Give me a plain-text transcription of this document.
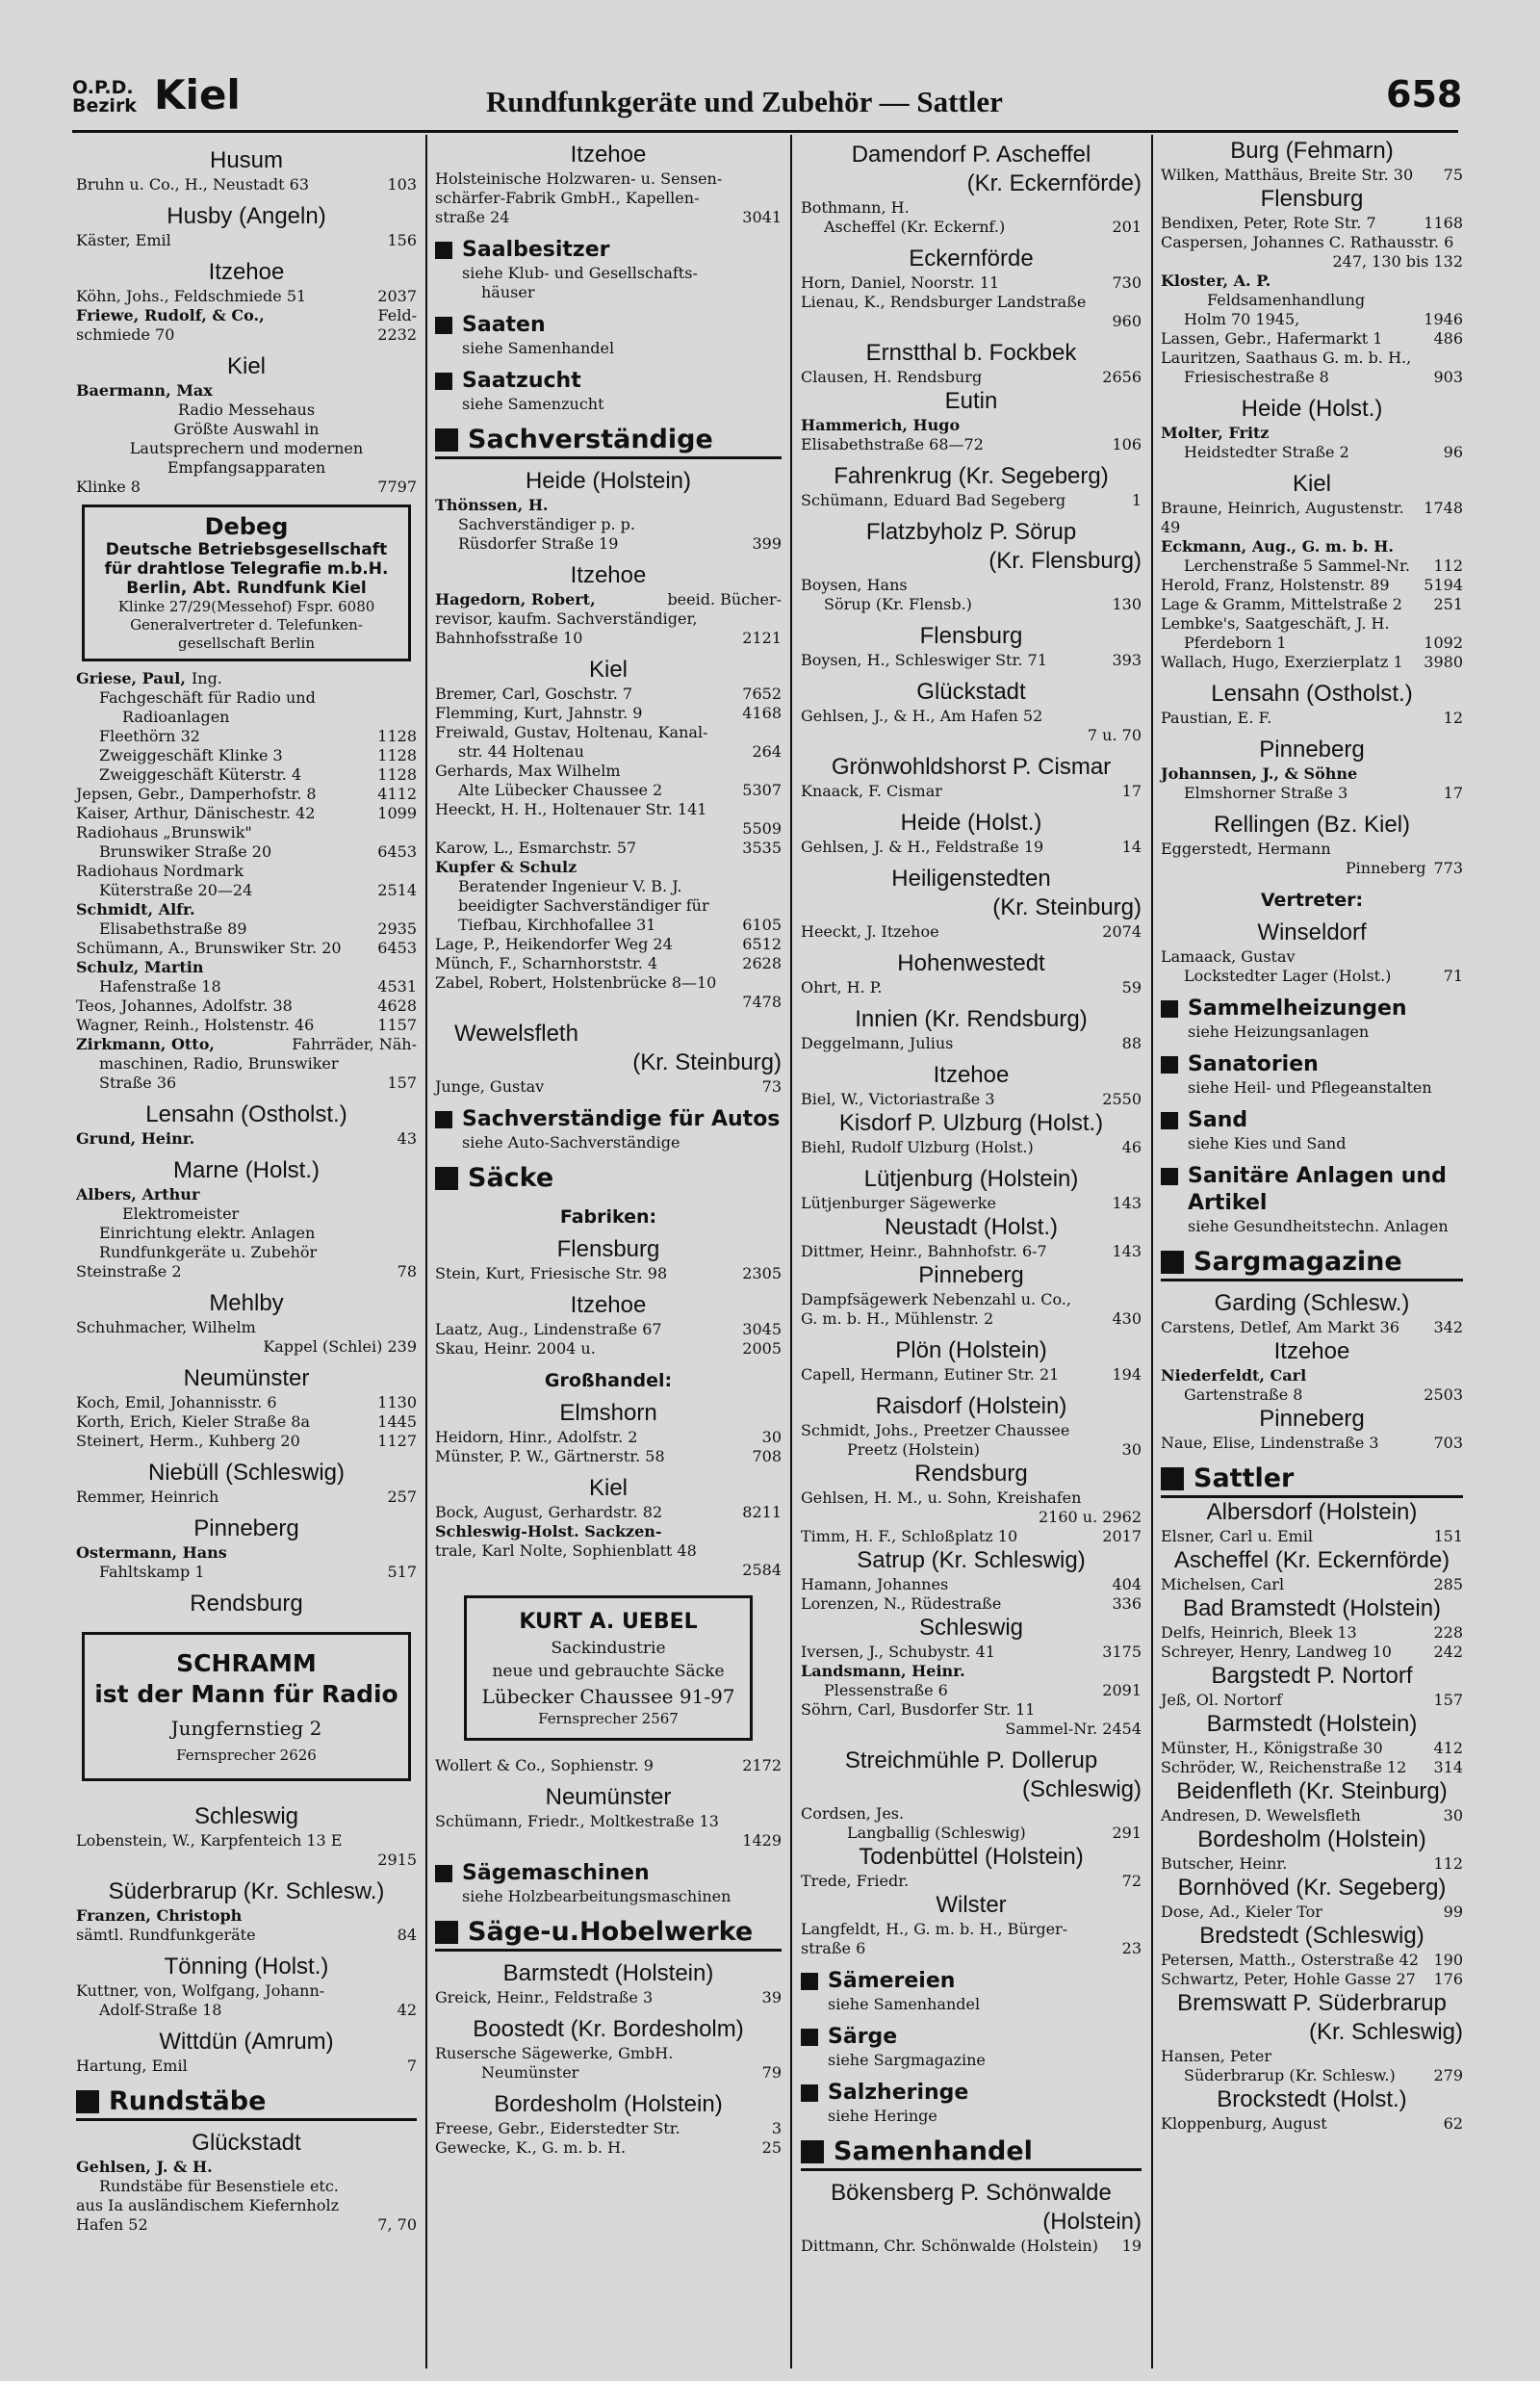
O.P.D.
Bezirk Kiel	Rundfunkgeräte und Zubehör — Sattler	658
Husum
Bruhn u. Co., H., Neustadt 63	103
Husby (Angeln)
Käster, Emil	156
Itzehoe
Köhn, Johs., Feldschmiede 51	2037
Friewe, Rudolf, & Co.,	Feld-
schmiede 70	2232
Kiel
Baermann, Max
Radio Messehaus
Größte Auswahl in
Lautsprechern und modernen
Empfangsapparaten
Klinke 8	7797
Debeg
Deutsche Betriebsgesellschaft
für drahtlose Telegrafie m.b.H.
Berlin, Abt. Rundfunk Kiel
Klinke 27/29(Messehof) Fspr. 6080
Generalvertreter d. Telefunken-
gesellschaft Berlin
Griese, Paul, Ing.
Fachgeschäft für Radio und
Radioanlagen
Fleethörn 32	1128
Zweiggeschäft Klinke 3	1128
Zweiggeschäft Küterstr. 4	1128
Jepsen, Gebr., Damperhofstr. 8	4112
Kaiser, Arthur, Dänischestr. 42	1099
Radiohaus „Brunswik"
Brunswiker Straße 20	6453
Radiohaus Nordmark
Küterstraße 20—24	2514
Schmidt, Alfr.
Elisabethstraße 89	2935
Schümann, A., Brunswiker Str. 20 6453
Schulz, Martin
Hafenstraße 18	4531
Teos, Johannes, Adolfstr. 38	4628
Wagner, Reinh., Holstenstr. 46	1157
Zirkmann, Otto,	Fahrräder, Näh-
maschinen, Radio, Brunswiker
Straße 36	157
Lensahn (Ostholst.)
Grund, Heinr.	43
Marne (Holst.)
Albers, Arthur
Elektromeister
Einrichtung elektr. Anlagen
Rundfunkgeräte u. Zubehör
Steinstraße 2	78
Mehlby
Schuhmacher, Wilhelm
Kappel (Schlei) 239
Neumünster
Koch, Emil, Johannisstr. 6	1130
Korth, Erich, Kieler Straße 8a	1445
Steinert, Herm., Kuhberg 20	1127
Niebüll (Schleswig)
Remmer, Heinrich	257
Pinneberg
Ostermann, Hans
Fahltskamp 1	517
Rendsburg
SCHRAMM
ist der Mann für Radio
Jungfernstieg 2
Fernsprecher 2626
Schleswig
Lobenstein, W., Karpfenteich 13 E
2915
Süderbrarup (Kr. Schlesw.)
Franzen, Christoph
sämtl. Rundfunkgeräte	84
Tönning (Holst.)
Kuttner, von, Wolfgang, Johann-
Adolf-Straße 18	42
Wittdün (Amrum)
Hartung, Emil	7
Rundstäbe
Glückstadt
Gehlsen, J. & H.
Rundstäbe für Besenstiele etc.
aus Ia ausländischem Kiefernholz
Hafen 52	7, 70
Itzehoe
Holsteinische Holzwaren- u. Sensen-
schärfer-Fabrik GmbH., Kapellen-
straße 24	3041
Saalbesitzer
siehe Klub- und Gesellschafts-
häuser
Saaten
siehe Samenhandel
Saatzucht
siehe Samenzucht
Sachverständige
Heide (Holstein)
Thönssen, H.
Sachverständiger p. p.
Rüsdorfer Straße 19	399
Itzehoe
Hagedorn, Robert,	beeid. Bücher-
revisor, kaufm. Sachverständiger,
Bahnhofsstraße 10	2121
Kiel
Bremer, Carl, Goschstr. 7	7652
Flemming, Kurt, Jahnstr. 9	4168
Freiwald, Gustav, Holtenau, Kanal-
str. 44 Holtenau	264
Gerhards, Max Wilhelm
Alte Lübecker Chaussee 2	5307
Heeckt, H. H., Holtenauer Str. 141
5509
Karow, L., Esmarchstr. 57	3535
Kupfer & Schulz
Beratender Ingenieur V. B. J.
beeidigter Sachverständiger für
Tiefbau, Kirchhofallee 31	6105
Lage, P., Heikendorfer Weg 24	6512
Münch, F., Scharnhorststr. 4	2628
Zabel, Robert, Holstenbrücke 8—10
7478
Wewelsfleth
(Kr. Steinburg)
Junge, Gustav	73
Sachverständige für Autos
siehe Auto-Sachverständige
Säcke
Fabriken:
Flensburg
Stein, Kurt, Friesische Str. 98	2305
Itzehoe
Laatz, Aug., Lindenstraße 67	3045
Skau, Heinr. 2004 u.	2005
Großhandel:
Elmshorn
Heidorn, Hinr., Adolfstr. 2	30
Münster, P. W., Gärtnerstr. 58	708
Kiel
Bock, August, Gerhardstr. 82	8211
Schleswig-Holst. Sackzen-
trale, Karl Nolte, Sophienblatt 48
2584
KURT A. UEBEL
Sackindustrie
neue und gebrauchte Säcke
Lübecker Chaussee 91-97
Fernsprecher 2567
Wollert & Co., Sophienstr. 9	2172
Neumünster
Schümann, Friedr., Moltkestraße 13
1429
Sägemaschinen
siehe Holzbearbeitungsmaschinen
Säge-u.Hobelwerke
Barmstedt (Holstein)
Greick, Heinr., Feldstraße 3	39
Boostedt (Kr. Bordesholm)
Rusersche Sägewerke, GmbH.
Neumünster	79
Bordesholm (Holstein)
Freese, Gebr., Eiderstedter Str.	3
Gewecke, K., G. m. b. H.	25
Damendorf P. Ascheffel
(Kr. Eckernförde)
Bothmann, H.
Ascheffel (Kr. Eckernf.)	201
Eckernförde
Horn, Daniel, Noorstr. 11	730
Lienau, K., Rendsburger Landstraße
960
Ernstthal b. Fockbek
Clausen, H. Rendsburg	2656
Eutin
Hammerich, Hugo
Elisabethstraße 68—72	106
Fahrenkrug (Kr. Segeberg)
Schümann, Eduard Bad Segeberg	1
Flatzbyholz P. Sörup
(Kr. Flensburg)
Boysen, Hans
Sörup (Kr. Flensb.)	130
Flensburg
Boysen, H., Schleswiger Str. 71	393
Glückstadt
Gehlsen, J., & H., Am Hafen 52
7 u. 70
Grönwohldshorst P. Cismar
Knaack, F. Cismar	17
Heide (Holst.)
Gehlsen, J. & H., Feldstraße 19	14
Heiligenstedten
(Kr. Steinburg)
Heeckt, J. Itzehoe	2074
Hohenwestedt
Ohrt, H. P.	59
Innien (Kr. Rendsburg)
Deggelmann, Julius	88
Itzehoe
Biel, W., Victoriastraße 3	2550
Kisdorf P. Ulzburg (Holst.)
Biehl, Rudolf Ulzburg (Holst.)	46
Lütjenburg (Holstein)
Lütjenburger Sägewerke	143
Neustadt (Holst.)
Dittmer, Heinr., Bahnhofstr. 6-7	143
Pinneberg
Dampfsägewerk Nebenzahl u. Co.,
G. m. b. H., Mühlenstr. 2	430
Plön (Holstein)
Capell, Hermann, Eutiner Str. 21	194
Raisdorf (Holstein)
Schmidt, Johs., Preetzer Chaussee
Preetz (Holstein)	30
Rendsburg
Gehlsen, H. M., u. Sohn, Kreishafen
2160 u. 2962
Timm, H. F., Schloßplatz 10	2017
Satrup (Kr. Schleswig)
Hamann, Johannes	404
Lorenzen, N., Rüdestraße	336
Schleswig
Iversen, J., Schubystr. 41	3175
Landsmann, Heinr.
Plessenstraße 6	2091
Söhrn, Carl, Busdorfer Str. 11
Sammel-Nr. 2454
Streichmühle P. Dollerup
(Schleswig)
Cordsen, Jes.
Langballig (Schleswig)	291
Todenbüttel (Holstein)
Trede, Friedr.	72
Wilster
Langfeldt, H., G. m. b. H., Bürger-
straße 6	23
Sämereien
siehe Samenhandel
Särge
siehe Sargmagazine
Salzheringe
siehe Heringe
Samenhandel
Bökensberg P. Schönwalde
(Holstein)
Dittmann, Chr. Schönwalde (Holstein) 19
Burg (Fehmarn)
Wilken, Matthäus, Breite Str. 30 75
Flensburg
Bendixen, Peter, Rote Str. 7	1168
Caspersen, Johannes C. Rathausstr. 6
247, 130 bis 132
Kloster, A. P.
Feldsamenhandlung
Holm 70 1945,	1946
Lassen, Gebr., Hafermarkt 1	486
Lauritzen, Saathaus G. m. b. H.,
Friesischestraße 8	903
Heide (Holst.)
Molter, Fritz
Heidstedter Straße 2	96
Kiel
Braune, Heinrich, Augustenstr. 49
1748
Eckmann, Aug., G. m. b. H.
Lerchenstraße 5 Sammel-Nr. 112
Herold, Franz, Holstenstr. 89 5194
Lage & Gramm, Mittelstraße 2 251
Lembke's, Saatgeschäft, J. H.
Pferdeborn 1	1092
Wallach, Hugo, Exerzierplatz 1 3980
Lensahn (Ostholst.)
Paustian, E. F.	12
Pinneberg
Johannsen, J., & Söhne
Elmshorner Straße 3	17
Rellingen (Bz. Kiel)
Eggerstedt, Hermann
Pinneberg 773
Vertreter:
Winseldorf
Lamaack, Gustav
Lockstedter Lager (Holst.)	71
Sammelheizungen
siehe Heizungsanlagen
Sanatorien
siehe Heil- und Pflegeanstalten
Sand
siehe Kies und Sand
Sanitäre Anlagen und Artikel
siehe Gesundheitstechn. Anlagen
Sargmagazine
Garding (Schlesw.)
Carstens, Detlef, Am Markt 36 342
Itzehoe
Niederfeldt, Carl
Gartenstraße 8	2503
Pinneberg
Naue, Elise, Lindenstraße 3	703
Sattler
Albersdorf (Holstein)
Elsner, Carl u. Emil	151
Ascheffel (Kr. Eckernförde)
Michelsen, Carl	285
Bad Bramstedt (Holstein)
Delfs, Heinrich, Bleek 13	228
Schreyer, Henry, Landweg 10	242
Bargstedt P. Nortorf
Jeß, Ol. Nortorf	157
Barmstedt (Holstein)
Münster, H., Königstraße 30	412
Schröder, W., Reichenstraße 12 314
Beidenfleth (Kr. Steinburg)
Andresen, D. Wewelsfleth	30
Bordesholm (Holstein)
Butscher, Heinr.	112
Bornhöved (Kr. Segeberg)
Dose, Ad., Kieler Tor	99
Bredstedt (Schleswig)
Petersen, Matth., Osterstraße 42 190
Schwartz, Peter, Hohle Gasse 27 176
Bremswatt P. Süderbrarup
(Kr. Schleswig)
Hansen, Peter
Süderbrarup (Kr. Schlesw.) 279
Brockstedt (Holst.)
Kloppenburg, August	62
